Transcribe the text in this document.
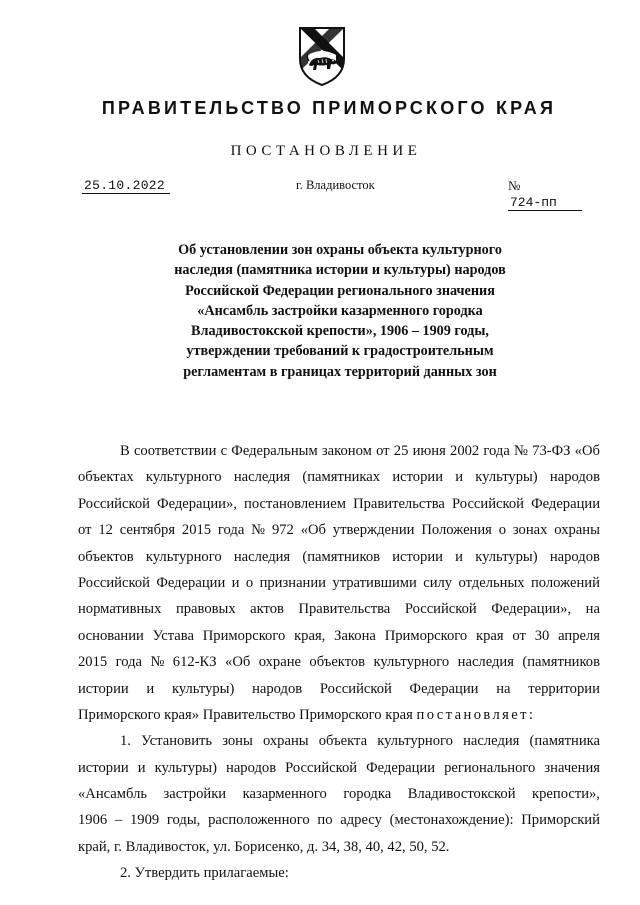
ПРАВИТЕЛЬСТВО ПРИМОРСКОГО КРАЯ
ПОСТАНОВЛЕНИЕ
25.10.2022	г. Владивосток	№724-пп
Об установлении зон охраны объекта культурного
наследия (памятника истории и культуры) народов
Российской Федерации регионального значения
«Ансамбль застройки казарменного городка
Владивостокской крепости», 1906 – 1909 годы,
утверждении требований к градостроительным
регламентам в границах территорий данных зон
В соответствии с Федеральным законом от 25 июня 2002 года № 73-ФЗ «Об
объектах культурного наследия (памятниках истории и культуры) народов
Российской Федерации», постановлением Правительства Российской Федерации
от 12 сентября 2015 года № 972 «Об утверждении Положения о зонах охраны
объектов культурного наследия (памятников истории и культуры) народов
Российской Федерации и о признании утратившими силу отдельных положений
нормативных правовых актов Правительства Российской Федерации», на
основании Устава Приморского края, Закона Приморского края от 30 апреля
2015 года № 612-КЗ «Об охране объектов культурного наследия (памятников
истории и культуры) народов Российской Федерации на территории
Приморского края» Правительство Приморского края постановляет:
1. Установить зоны охраны объекта культурного наследия (памятника
истории и культуры) народов Российской Федерации регионального значения
«Ансамбль застройки казарменного городка Владивостокской крепости»,
1906 – 1909 годы, расположенного по адресу (местонахождение): Приморский
край, г. Владивосток, ул. Борисенко, д. 34, 38, 40, 42, 50, 52.
2. Утвердить прилагаемые:
